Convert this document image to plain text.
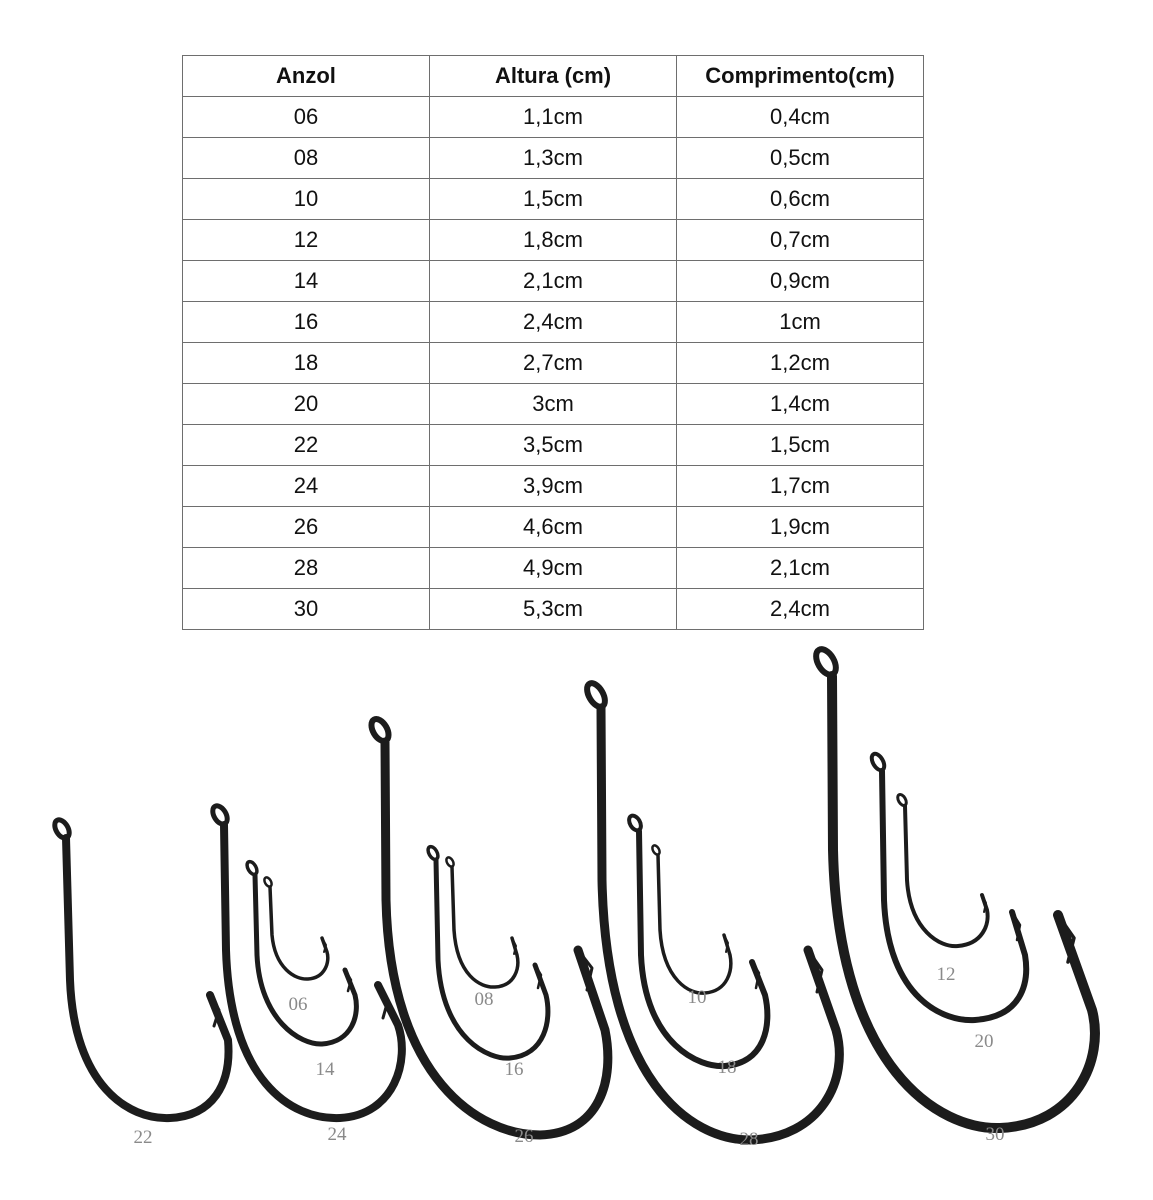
Anzol	Altura (cm)	Comprimento(cm)
06	1,1cm	0,4cm
08	1,3cm	0,5cm
10	1,5cm	0,6cm
12	1,8cm	0,7cm
14	2,1cm	0,9cm
16	2,4cm	1cm
18	2,7cm	1,2cm
20	3cm	1,4cm
22	3,5cm	1,5cm
24	3,9cm	1,7cm
26	4,6cm	1,9cm
28	4,9cm	2,1cm
30	5,3cm	2,4cm
22	24
06
14
26
08
16
28
10
18
30
12
20
